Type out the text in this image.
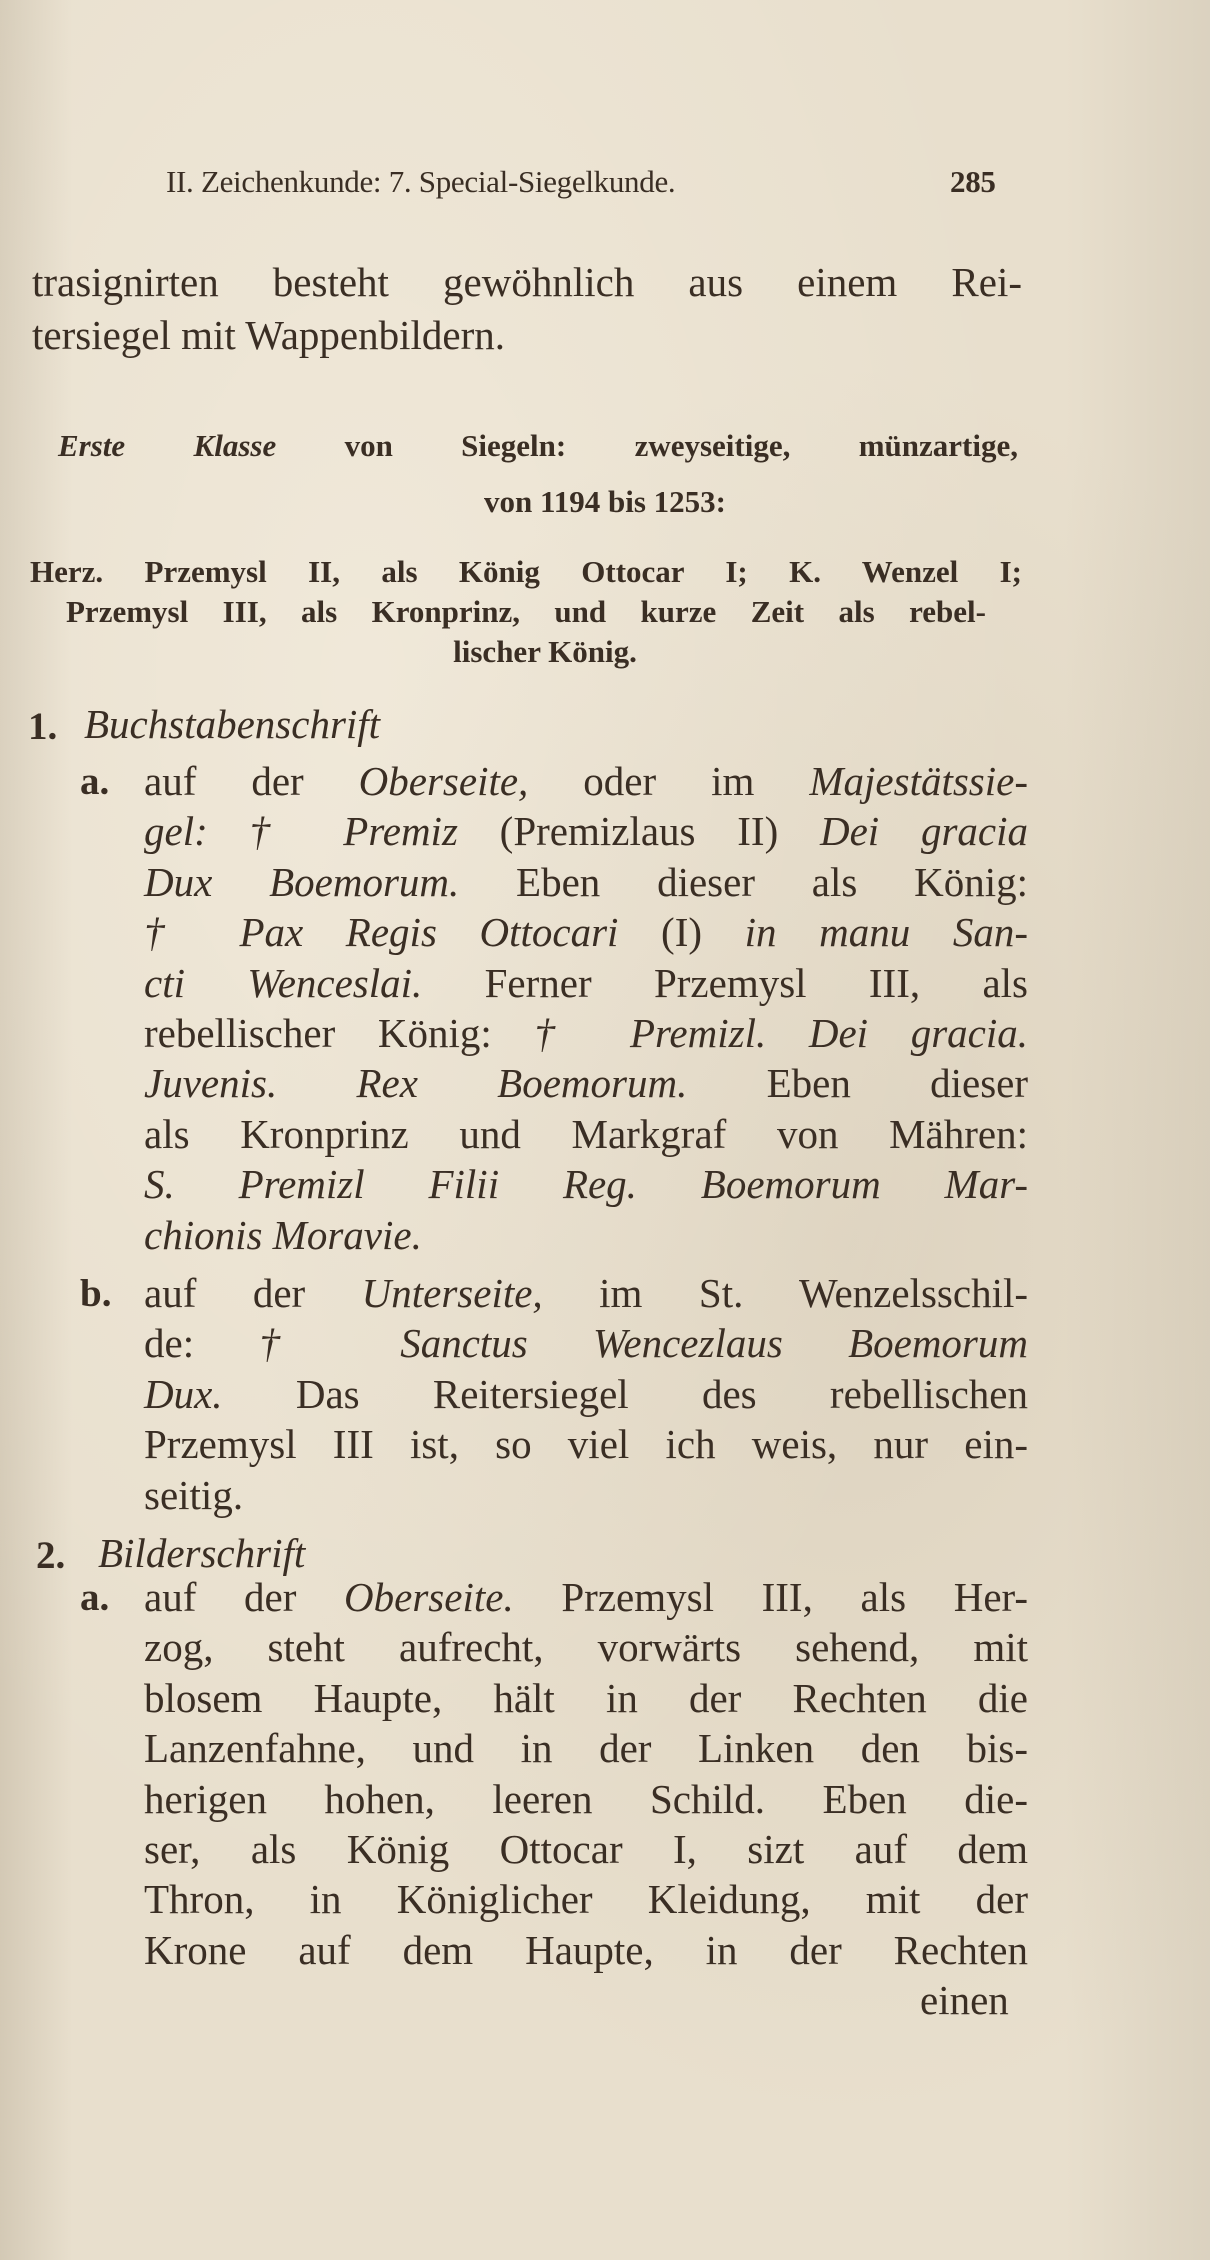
II. Zeichenkunde: 7. Special-Siegelkunde.	285
trasignirten besteht gewöhnlich aus einem Rei-
tersiegel mit Wappenbildern.
Erste Klasse von Siegeln: zweyseitige, münzartige,
von 1194 bis 1253:
Herz. Przemysl II, als König Ottocar I; K. Wenzel I;
Przemysl III, als Kronprinz, und kurze Zeit als rebel-
lischer König.
1. Buchstabenschrift
a. auf der Oberseite, oder im Majestätssie-
gel: † Premiz (Premizlaus II) Dei gracia
Dux Boemorum. Eben dieser als König:
† Pax Regis Ottocari (I) in manu San-
cti Wenceslai. Ferner Przemysl III, als
rebellischer König: † Premizl. Dei gracia.
Juvenis. Rex Boemorum. Eben dieser
als Kronprinz und Markgraf von Mähren:
S. Premizl Filii Reg. Boemorum Mar-
chionis Moravie.
b. auf der Unterseite, im St. Wenzelsschil-
de: † Sanctus Wencezlaus Boemorum
Dux. Das Reitersiegel des rebellischen
Przemysl III ist, so viel ich weis, nur ein-
seitig.
2. Bilderschrift
a. auf der Oberseite. Przemysl III, als Her-
zog, steht aufrecht, vorwärts sehend, mit
blosem Haupte, hält in der Rechten die
Lanzenfahne, und in der Linken den bis-
herigen hohen, leeren Schild. Eben die-
ser, als König Ottocar I, sizt auf dem
Thron, in Königlicher Kleidung, mit der
Krone auf dem Haupte, in der Rechten
einen
